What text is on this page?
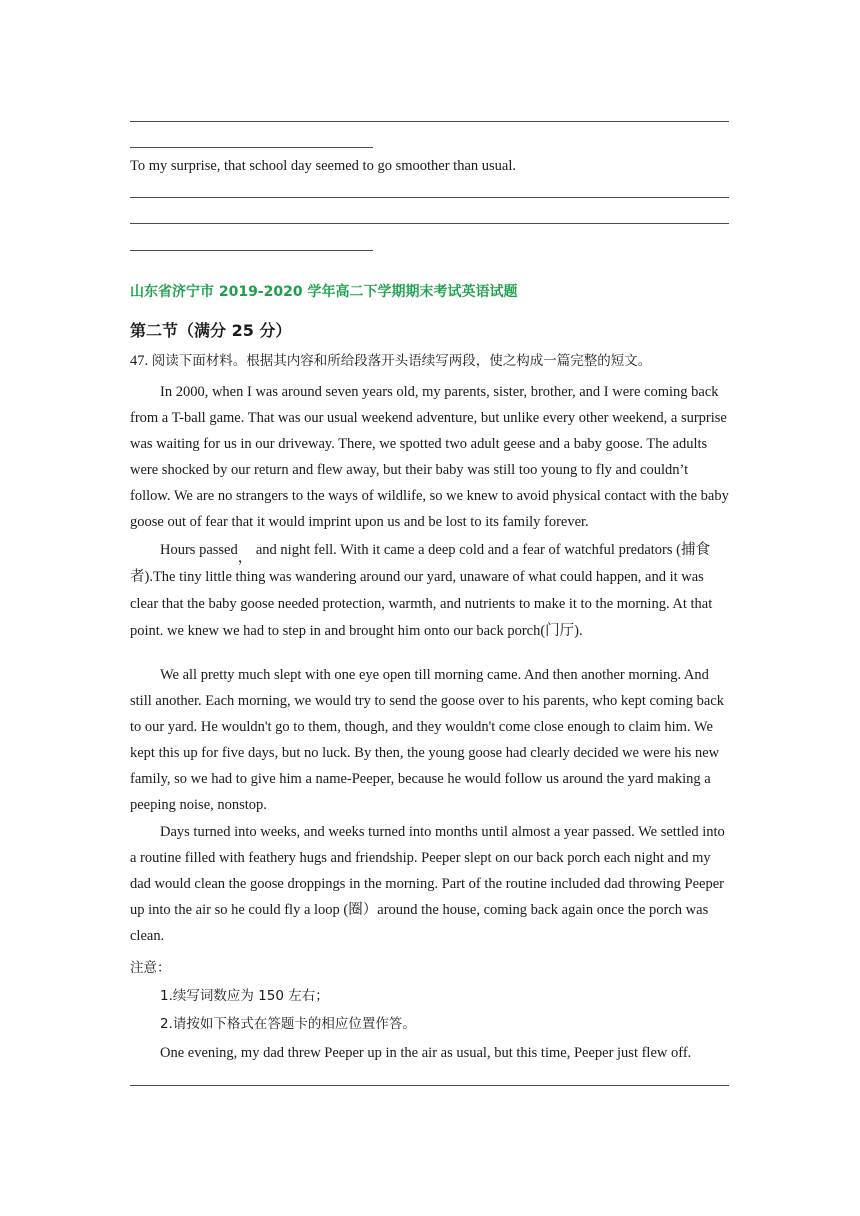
To my surprise, that school day seemed to go smoother than usual.
山东省济宁市 2019-2020 学年高二下学期期末考试英语试题
第二节（满分 25 分）
47. 阅读下面材料。根据其内容和所给段落开头语续写两段，使之构成一篇完整的短文。

In 2000, when I was around seven years old, my parents, sister, brother, and I were coming back from a T-ball game. That was our usual weekend adventure, but unlike every other weekend, a surprise was waiting for us in our driveway. There, we spotted two adult geese and a baby goose. The adults were shocked by our return and flew away, but their baby was still too young to fly and couldn’t follow. We are no strangers to the ways of wildlife, so we knew to avoid physical contact with the baby goose out of fear that it would imprint upon us and be lost to its family forever.

Hours passed， and night fell. With it came a deep cold and a fear of watchful predators (捕食者).The tiny little thing was wandering around our yard, unaware of what could happen, and it was clear that the baby goose needed protection, warmth, and nutrients to make it to the morning. At that point. we knew we had to step in and brought him onto our back porch(门厅).

We all pretty much slept with one eye open till morning came. And then another morning. And still another. Each morning, we would try to send the goose over to his parents, who kept coming back to our yard. He wouldn't go to them, though, and they wouldn't come close enough to claim him. We kept this up for five days, but no luck. By then, the young goose had clearly decided we were his new family, so we had to give him a name-Peeper, because he would follow us around the yard making a peeping noise, nonstop.

Days turned into weeks, and weeks turned into months until almost a year passed. We settled into a routine filled with feathery hugs and friendship. Peeper slept on our back porch each night and my dad would clean the goose droppings in the morning. Part of the routine included dad throwing Peeper up into the air so he could fly a loop (圈）around the house, coming back again once the porch was clean.

注意：
1.续写词数应为 150 左右；
2.请按如下格式在答题卡的相应位置作答。
One evening, my dad threw Peeper up in the air as usual, but this time, Peeper just flew off.
